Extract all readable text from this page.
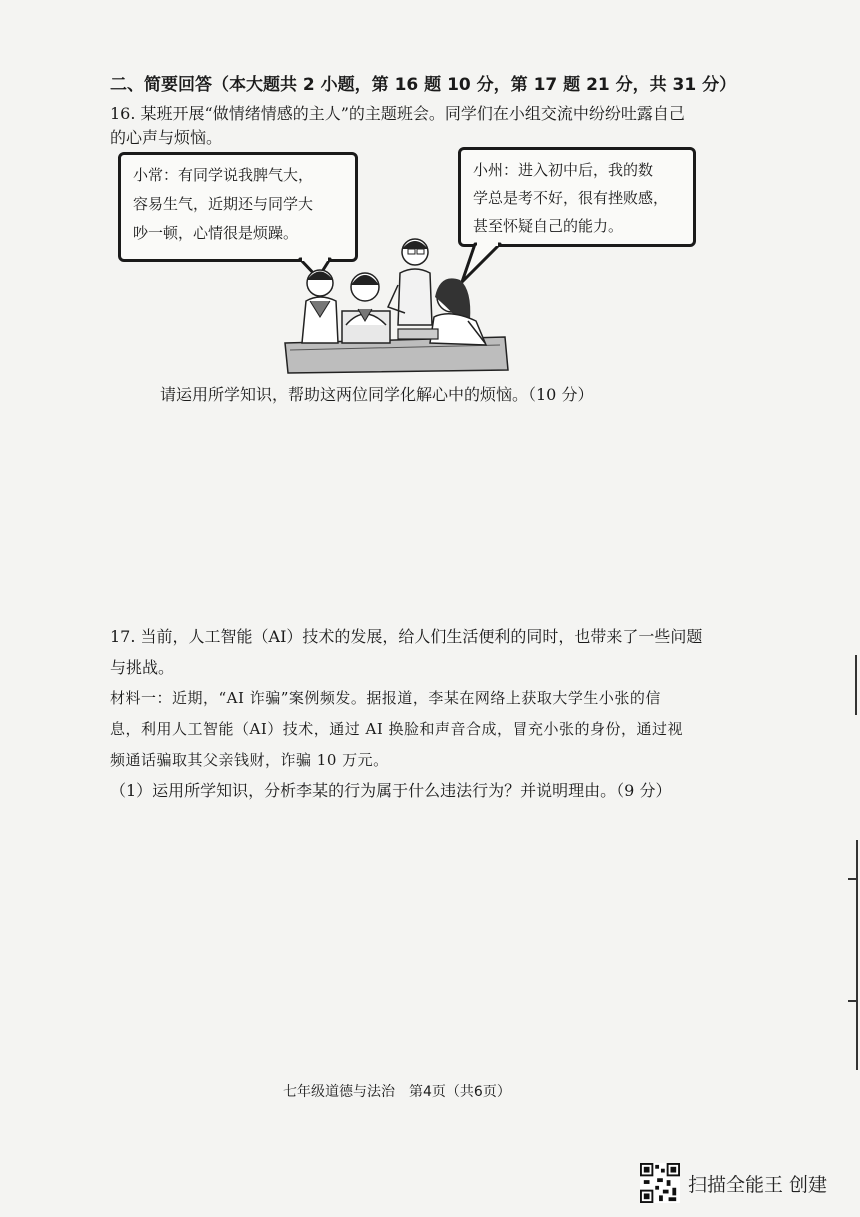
二、简要回答（本大题共 2 小题，第 16 题 10 分，第 17 题 21 分，共 31 分）
16. 某班开展“做情绪情感的主人”的主题班会。同学们在小组交流中纷纷吐露自己
的心声与烦恼。
小常：有同学说我脾气大，
容易生气，近期还与同学大
吵一顿，心情很是烦躁。
小州：进入初中后，我的数
学总是考不好，很有挫败感，
甚至怀疑自己的能力。
请运用所学知识，帮助这两位同学化解心中的烦恼。（10 分）
17. 当前，人工智能（AI）技术的发展，给人们生活便利的同时，也带来了一些问题
与挑战。
材料一：近期，“AI 诈骗”案例频发。据报道，李某在网络上获取大学生小张的信
息，利用人工智能（AI）技术，通过 AI 换脸和声音合成，冒充小张的身份，通过视
频通话骗取其父亲钱财，诈骗 10 万元。
（1）运用所学知识，分析李某的行为属于什么违法行为？并说明理由。（9 分）
七年级道德与法治　第4页（共6页）
扫描全能王 创建
